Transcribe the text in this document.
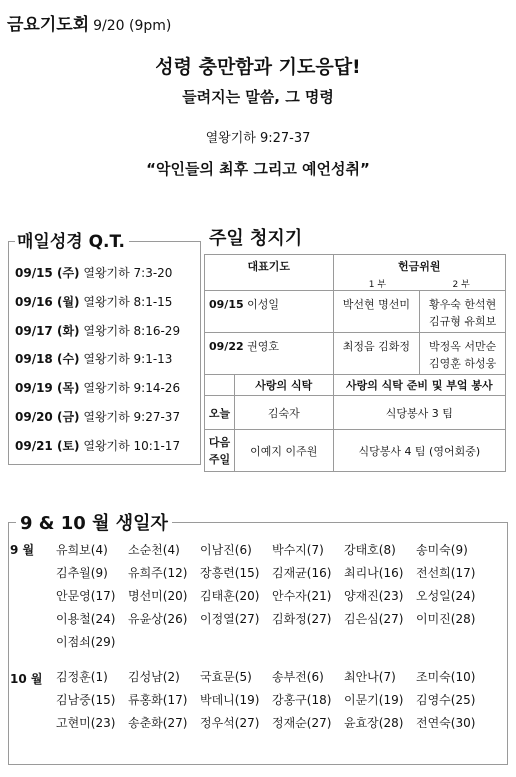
금요기도회 9/20 (9pm)
성령 충만함과 기도응답!
들려지는 말씀, 그 명령
열왕기하 9:27-37
“악인들의 최후 그리고 예언성취”
매일성경 Q.T.
09/15 (주) 열왕기하 7:3-20
09/16 (월) 열왕기하 8:1-15
09/17 (화) 열왕기하 8:16-29
09/18 (수) 열왕기하 9:1-13
09/19 (목) 열왕기하 9:14-26
09/20 (금) 열왕기하 9:27-37
09/21 (토) 열왕기하 10:1-17
주일 청지기
대표기도		헌금위원
1 부 2 부	

09/15 이성일		박선현 명선미	황우숙 한석현 김규형 유희보
09/22 권영호		최정음 김화정	박정옥 서만순 김영훈 하성웅
	사랑의 식탁	사랑의 식탁 준비 및 부엌 봉사	
오늘	김숙자	식당봉사 3 팀	
다음 주일	이예지 이주원	식당봉사 4 팀 (영어회중)	
9 & 10 월 생일자
9 월
10 월
유희보(4) 소순천(4) 이남진(6) 박수지(7) 강태호(8) 송미숙(9)
김추월(9) 유희주(12) 장흥련(15) 김재균(16) 최리나(16) 전선희(17)
안문영(17) 명선미(20) 김태훈(20) 안수자(21) 양재진(23) 오성일(24)
이용철(24) 유윤상(26) 이정열(27) 김화정(27) 김은심(27) 이미진(28)
이점쇠(29)
김정훈(1) 김성남(2) 국효문(5) 송부전(6) 최안나(7) 조미숙(10)
김남중(15) 류홍화(17) 박데니(19) 강홍구(18) 이문기(19) 김영수(25)
고현미(23) 송춘화(27) 정우석(27) 정재순(27) 윤효장(28) 전연숙(30)
